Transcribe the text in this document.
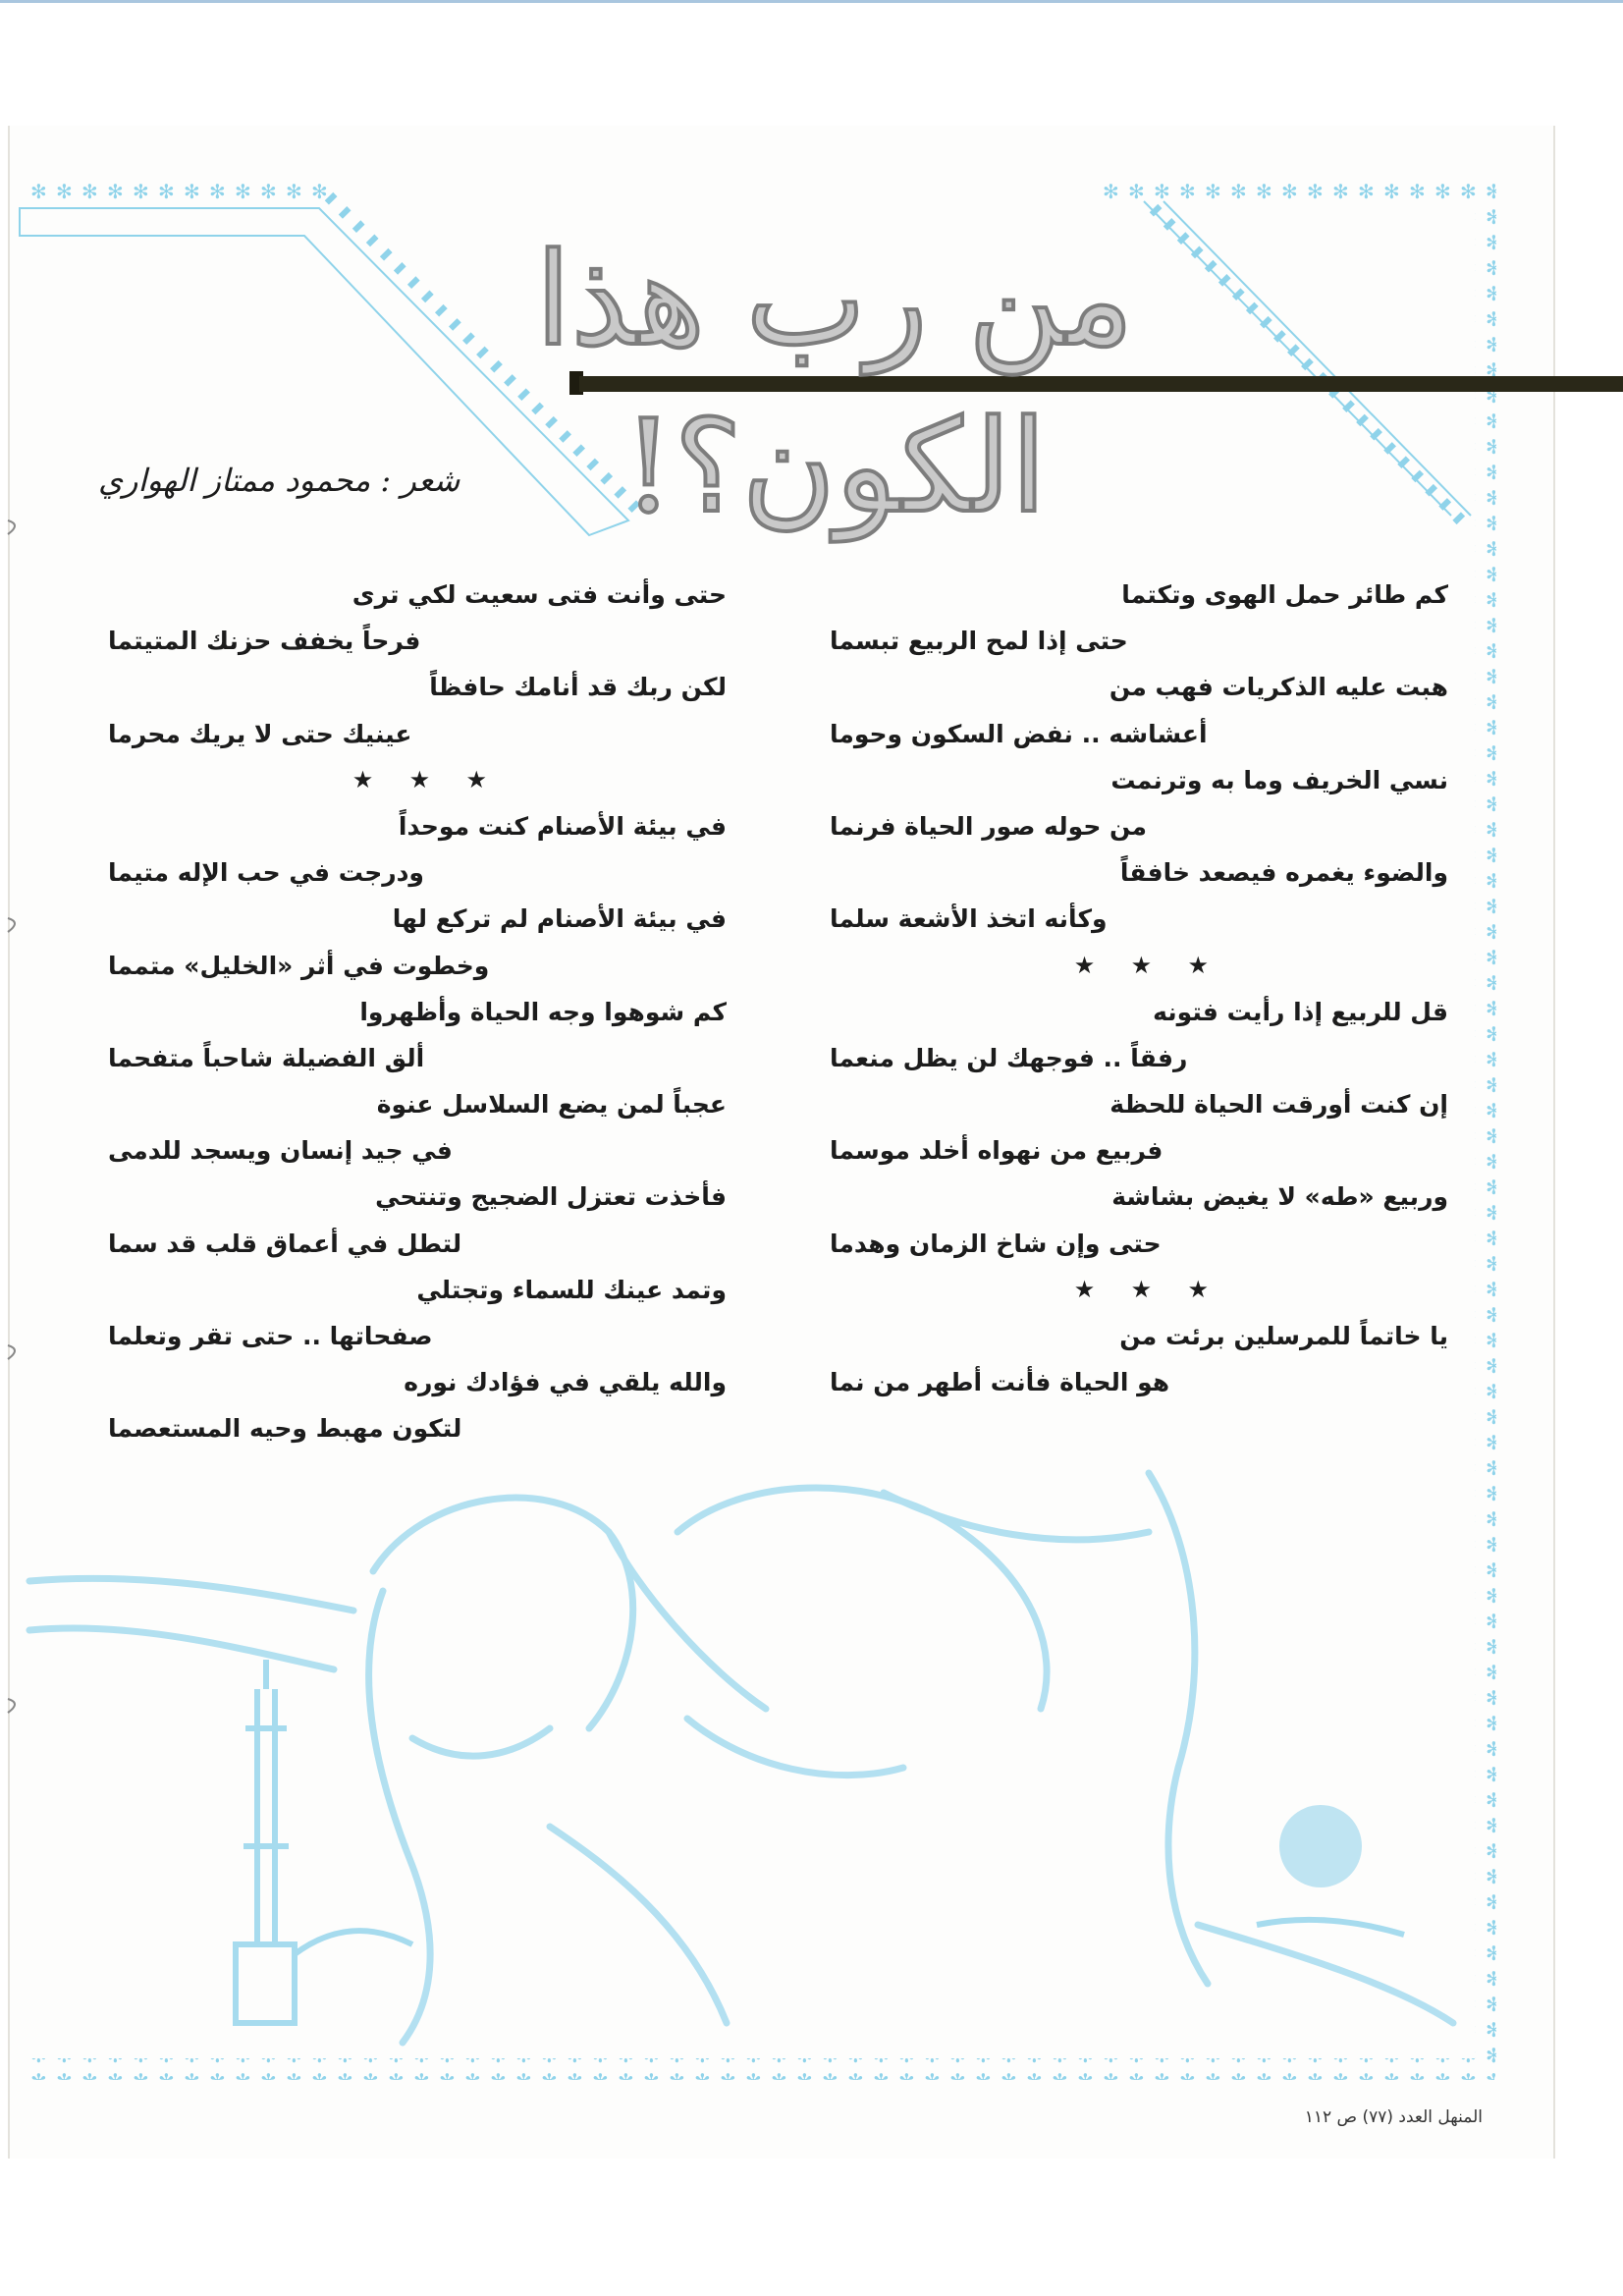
من رب هذا الكون؟!
شعر : محمود ممتاز الهواري
كم طائر حمل الهوى وتكتما
حتى إذا لمح الربيع تبسما
هبت عليه الذكريات فهب من
أعشاشه .. نفض السكون وحوما
نسي الخريف وما به وترنمت
من حوله صور الحياة فرنما
والضوء يغمره فيصعد خافقاً
وكأنه اتخذ الأشعة سلما
★ ★ ★
قل للربيع إذا رأيت فتونه
رفقاً .. فوجهك لن يظل منعما
إن كنت أورقت الحياة للحظة
فربيع من نهواه أخلد موسما
وربيع «طه» لا يغيض بشاشة
حتى وإن شاخ الزمان وهدما
★ ★ ★
يا خاتماً للمرسلين برئت من
هو الحياة فأنت أطهر من نما
حتى وأنت فتى سعيت لكي ترى
فرحاً يخفف حزنك المتيتما
لكن ربك قد أنامك حافظاً
عينيك حتى لا يريك محرما
★ ★ ★
في بيئة الأصنام كنت موحداً
ودرجت في حب الإله متيما
في بيئة الأصنام لم تركع لها
وخطوت في أثر «الخليل» متمما
كم شوهوا وجه الحياة وأظهروا
ألق الفضيلة شاحباً متفحما
عجباً لمن يضع السلاسل عنوة
في جيد إنسان ويسجد للدمى
فأخذت تعتزل الضجيج وتنتحي
لتطل في أعماق قلب قد سما
وتمد عينك للسماء وتجتلي
صفحاتها .. حتى تقر وتعلما
والله يلقي في فؤادك نوره
لتكون مهبط وحيه المستعصما
المنهل العدد (٧٧) ص ١١٢
